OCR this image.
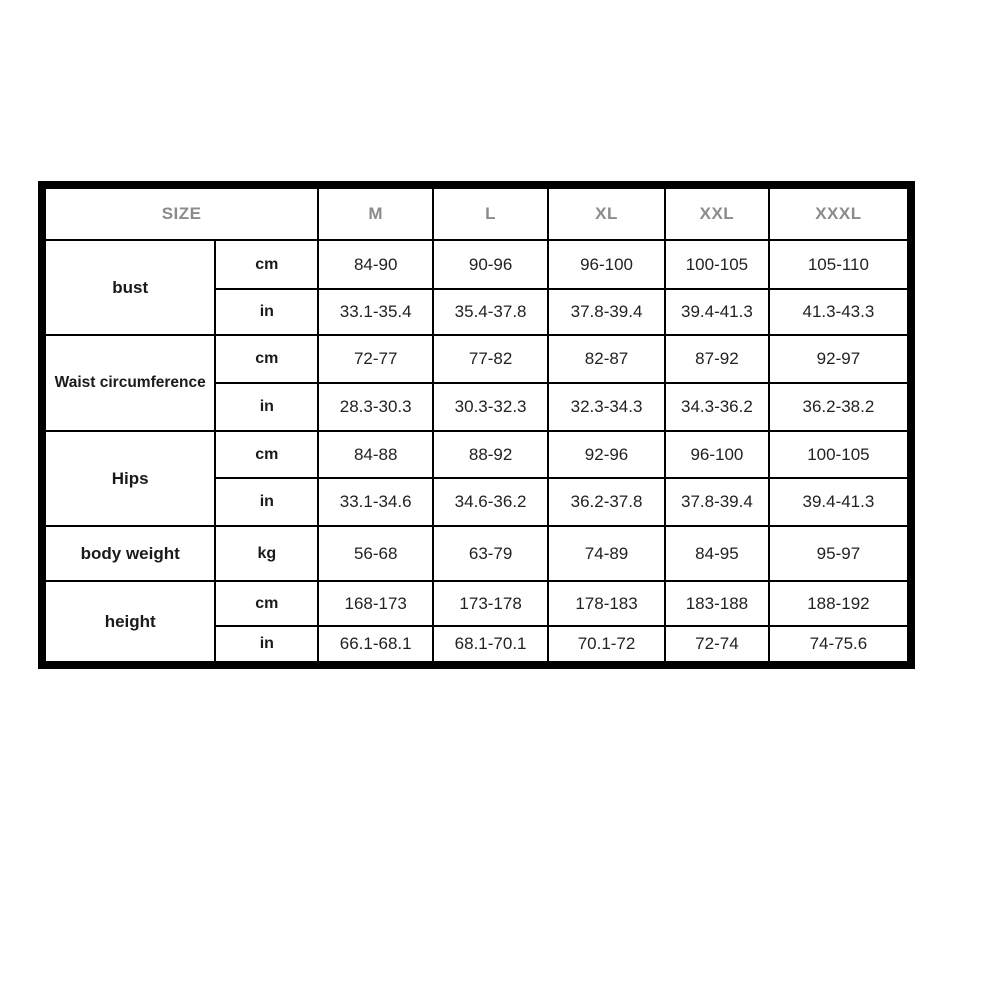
SIZE		M	L	XL	XXL	XXXL
bust	cm	84-90	90-96	96-100	100-105	105-110
	in	33.1-35.4	35.4-37.8	37.8-39.4	39.4-41.3	41.3-43.3
Waist circumference	cm	72-77	77-82	82-87	87-92	92-97
	in	28.3-30.3	30.3-32.3	32.3-34.3	34.3-36.2	36.2-38.2
Hips	cm	84-88	88-92	92-96	96-100	100-105
	in	33.1-34.6	34.6-36.2	36.2-37.8	37.8-39.4	39.4-41.3
body weight	kg	56-68	63-79	74-89	84-95	95-97
height	cm	168-173	173-178	178-183	183-188	188-192
	in	66.1-68.1	68.1-70.1	70.1-72	72-74	74-75.6
